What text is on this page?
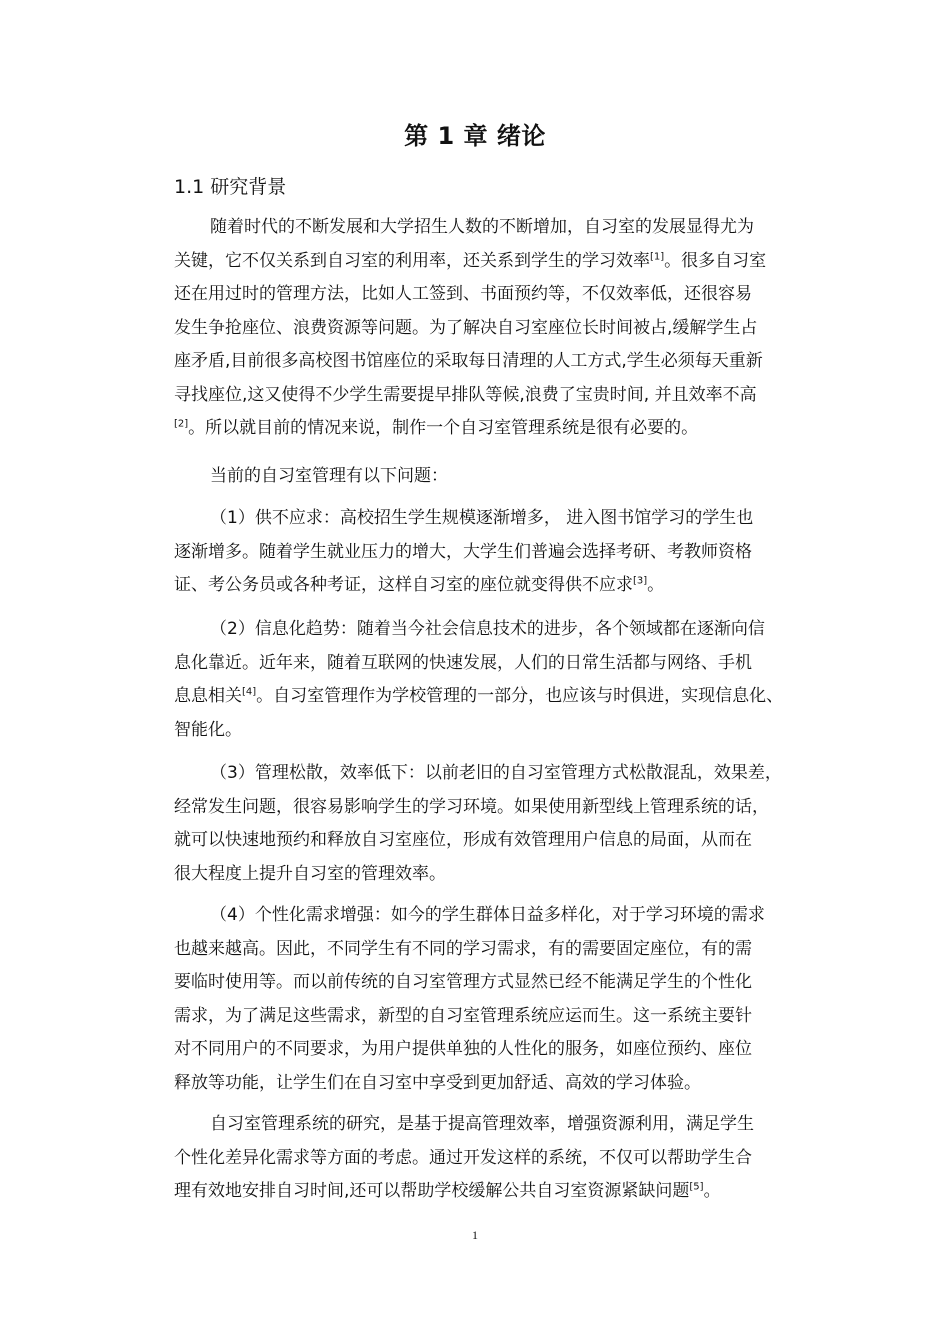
第 1 章 绪论
1.1 研究背景
随着时代的不断发展和大学招生人数的不断增加，自习室的发展显得尤为
关键，它不仅关系到自习室的利用率，还关系到学生的学习效率[1]。很多自习室
还在用过时的管理方法，比如人工签到、书面预约等，不仅效率低，还很容易
发生争抢座位、浪费资源等问题。为了解决自习室座位长时间被占,缓解学生占
座矛盾,目前很多高校图书馆座位的采取每日清理的人工方式,学生必须每天重新
寻找座位,这又使得不少学生需要提早排队等候,浪费了宝贵时间, 并且效率不高
[2]。所以就目前的情况来说，制作一个自习室管理系统是很有必要的。
当前的自习室管理有以下问题：
（1）供不应求：高校招生学生规模逐渐增多， 进入图书馆学习的学生也
逐渐增多。随着学生就业压力的增大，大学生们普遍会选择考研、考教师资格
证、考公务员或各种考证，这样自习室的座位就变得供不应求[3]。
（2）信息化趋势：随着当今社会信息技术的进步，各个领域都在逐渐向信
息化靠近。近年来，随着互联网的快速发展，人们的日常生活都与网络、手机
息息相关[4]。自习室管理作为学校管理的一部分，也应该与时俱进，实现信息化、
智能化。
（3）管理松散，效率低下：以前老旧的自习室管理方式松散混乱，效果差，
经常发生问题，很容易影响学生的学习环境。如果使用新型线上管理系统的话，
就可以快速地预约和释放自习室座位，形成有效管理用户信息的局面，从而在
很大程度上提升自习室的管理效率。
（4）个性化需求增强：如今的学生群体日益多样化，对于学习环境的需求
也越来越高。因此，不同学生有不同的学习需求，有的需要固定座位，有的需
要临时使用等。而以前传统的自习室管理方式显然已经不能满足学生的个性化
需求，为了满足这些需求，新型的自习室管理系统应运而生。这一系统主要针
对不同用户的不同要求，为用户提供单独的人性化的服务，如座位预约、座位
释放等功能，让学生们在自习室中享受到更加舒适、高效的学习体验。
自习室管理系统的研究，是基于提高管理效率，增强资源利用，满足学生
个性化差异化需求等方面的考虑。通过开发这样的系统，不仅可以帮助学生合
理有效地安排自习时间,还可以帮助学校缓解公共自习室资源紧缺问题[5]。
1
